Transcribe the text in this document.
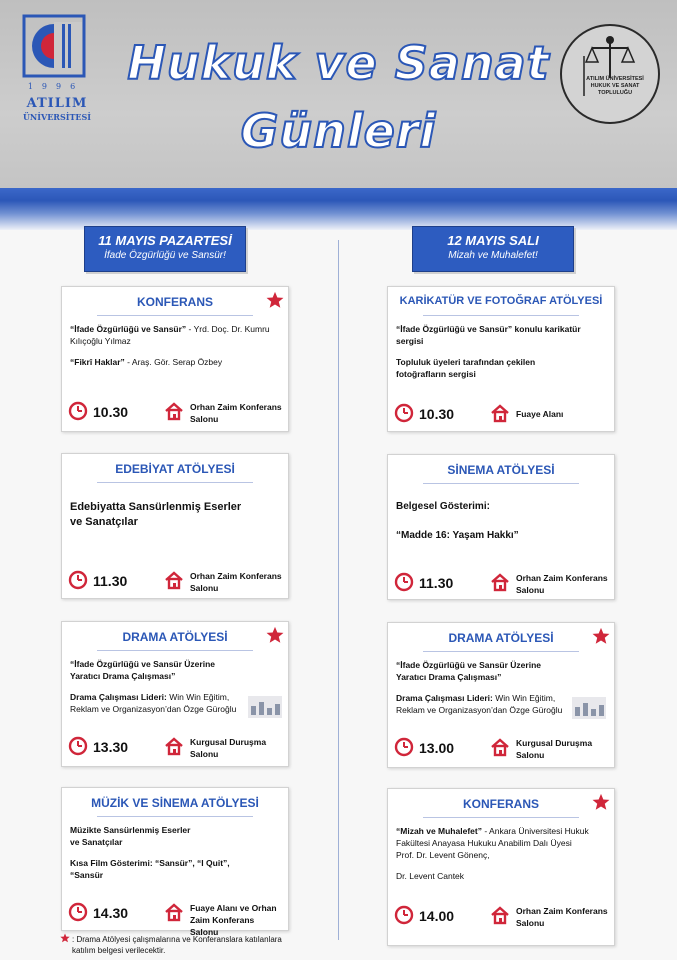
1996
ATILIM
ÜNİVERSİTESİ
Hukuk ve Sanat
Günleri
ATILIM ÜNİVERSİTESİ
HUKUK VE SANAT
TOPLULUĞU
11 MAYIS PAZARTESİ
İfade Özgürlüğü ve Sansür!
12 MAYIS SALI
Mizah ve Muhalefet!
KONFERANS

“İfade Özgürlüğü ve Sansür” - Yrd. Doç. Dr. Kumru Kılıçoğlu Yılmaz

“Fikrî Haklar” - Araş. Gör. Serap Özbey

10.30	Orhan Zaim Konferans
Salonu
EDEBİYAT ATÖLYESİ
Edebiyatta Sansürlenmiş Eserler
ve Sanatçılar
11.30	Orhan Zaim Konferans
Salonu
DRAMA ATÖLYESİ

“İfade Özgürlüğü ve Sansür Üzerine
Yaratıcı Drama Çalışması”

Drama Çalışması Lideri: Win Win Eğitim,
Reklam ve Organizasyon’dan Özge Güroğlu

13.30	Kurgusal Duruşma
Salonu
MÜZİK VE SİNEMA ATÖLYESİ

Müzikte Sansürlenmiş Eserler
ve Sanatçılar

Kısa Film Gösterimi: “Sansür”, “I Quit”,
“Sansür

14.30	Fuaye Alanı ve Orhan
Zaim Konferans Salonu
KARİKATÜR VE FOTOĞRAF ATÖLYESİ

“İfade Özgürlüğü ve Sansür” konulu karikatür
sergisi

Topluluk üyeleri tarafından çekilen
fotoğrafların sergisi

10.30	Fuaye Alanı
SİNEMA ATÖLYESİ
Belgesel Gösterimi:
“Madde 16: Yaşam Hakkı”
11.30	Orhan Zaim Konferans
Salonu
DRAMA ATÖLYESİ

“İfade Özgürlüğü ve Sansür Üzerine
Yaratıcı Drama Çalışması”

Drama Çalışması Lideri: Win Win Eğitim,
Reklam ve Organizasyon’dan Özge Güroğlu

13.00	Kurgusal Duruşma
Salonu
KONFERANS

“Mizah ve Muhalefet” - Ankara Üniversitesi Hukuk
Fakültesi Anayasa Hukuku Anabilim Dalı Üyesi
Prof. Dr. Levent Gönenç,

Dr. Levent Cantek

14.00	Orhan Zaim Konferans
Salonu
: Drama Atölyesi çalışmalarına ve Konferanslara katılanlara
katılım belgesi verilecektir.
